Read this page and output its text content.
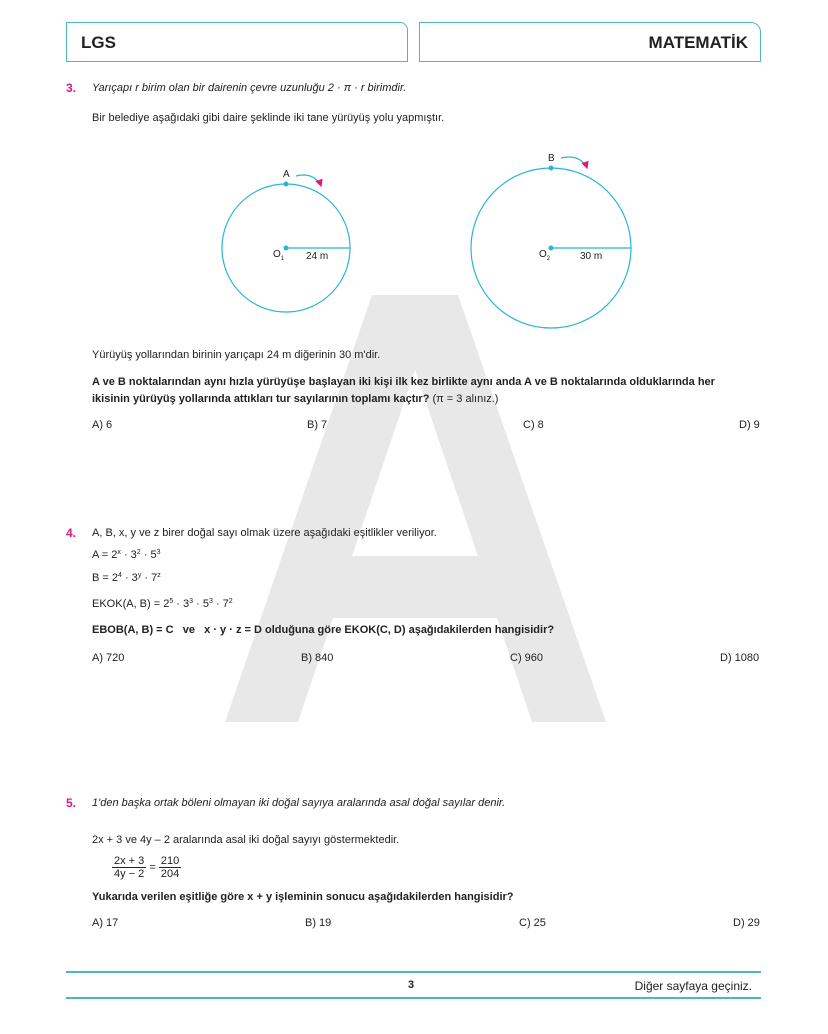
LGS	MATEMATİK
3. Yarıçapı r birim olan bir dairenin çevre uzunluğu 2 · π · r birimdir.
Bir belediye aşağıdaki gibi daire şeklinde iki tane yürüyüş yolu yapmıştır.
A
$O_1$ 24 m
B
$O_2$	30 m
Yürüyüş yollarından birinin yarıçapı 24 m diğerinin 30 m'dir.
A ve B noktalarından aynı hızla yürüyüşe başlayan iki kişi ilk kez birlikte aynı anda A ve B noktalarında olduklarında her
ikisinin yürüyüş yollarında attıkları tur sayılarının toplamı kaçtır? (π = 3 alınız.)
A) 6	B) 7	C) 8	D) 9
4. A, B, x, y ve z birer doğal sayı olmak üzere aşağıdaki eşitlikler veriliyor.
$A = 2^x \cdot 3^2 \cdot 5^3$
$B = 2^4 \cdot 3^y \cdot 7^z$
EKOK(A, $B) = 2^5 \cdot 3^3 \cdot 5^3 \cdot 7^2$
EBOB(A, B) = C   ve   x · y · z = D olduğuna göre EKOK(C, D) aşağıdakilerden hangisidir?
A) 720	B) 840	C) 960	D) 1080
5. 1'den başka ortak böleni olmayan iki doğal sayıya aralarında asal doğal sayılar denir.
2x + 3 ve 4y – 2 aralarında asal iki doğal sayıyı göstermektedir.
$\frac{2x + 3}{4y - 2} = \frac{210}{204}$
Yukarıda verilen eşitliğe göre x + y işleminin sonucu aşağıdakilerden hangisidir?
A) 17	B) 19	C) 25	D) 29
3	Diğer sayfaya geçiniz.
